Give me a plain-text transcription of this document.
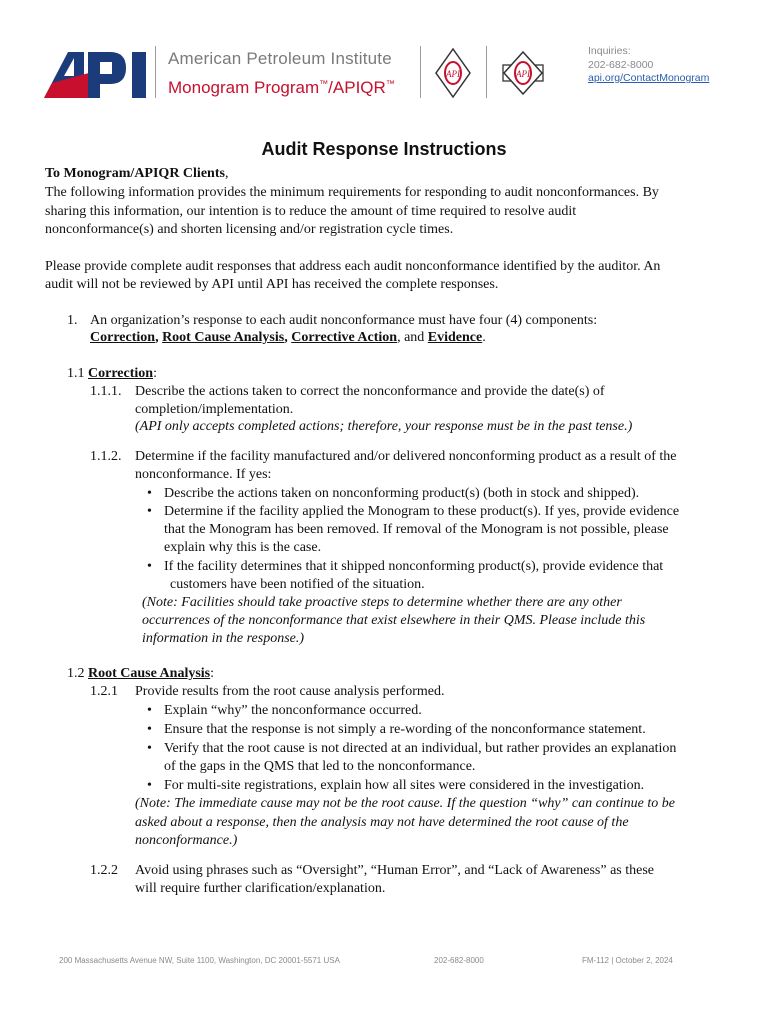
American Petroleum Institute
Monogram Program™/APIQR™
API	API
Inquiries:
202-682-8000
api.org/ContactMonogram
Audit Response Instructions
To Monogram/APIQR Clients,
The following information provides the minimum requirements for responding to audit nonconformances. By
sharing this information, our intention is to reduce the amount of time required to resolve audit
nonconformance(s) and shorten licensing and/or registration cycle times.
Please provide complete audit responses that address each audit nonconformance identified by the auditor. An
audit will not be reviewed by API until API has received the complete responses.
1. An organization’s response to each audit nonconformance must have four (4) components:
Correction, Root Cause Analysis, Corrective Action, and Evidence.
1.1 Correction:
1.1.1. Describe the actions taken to correct the nonconformance and provide the date(s) of
completion/implementation.
(API only accepts completed actions; therefore, your response must be in the past tense.)
1.1.2. Determine if the facility manufactured and/or delivered nonconforming product as a result of the
nonconformance. If yes:
• Describe the actions taken on nonconforming product(s) (both in stock and shipped).
• Determine if the facility applied the Monogram to these product(s). If yes, provide evidence
that the Monogram has been removed. If removal of the Monogram is not possible, please
explain why this is the case.
• If the facility determines that it shipped nonconforming product(s), provide evidence that
customers have been notified of the situation.
(Note: Facilities should take proactive steps to determine whether there are any other
occurrences of the nonconformance that exist elsewhere in their QMS. Please include this
information in the response.)
1.2 Root Cause Analysis:
1.2.1 Provide results from the root cause analysis performed.
• Explain “why” the nonconformance occurred.
• Ensure that the response is not simply a re-wording of the nonconformance statement.
• Verify that the root cause is not directed at an individual, but rather provides an explanation
of the gaps in the QMS that led to the nonconformance.
• For multi-site registrations, explain how all sites were considered in the investigation.
(Note: The immediate cause may not be the root cause. If the question “why” can continue to be
asked about a response, then the analysis may not have determined the root cause of the
nonconformance.)
1.2.2 Avoid using phrases such as “Oversight”, “Human Error”, and “Lack of Awareness” as these
will require further clarification/explanation.
200 Massachusetts Avenue NW, Suite 1100, Washington, DC 20001-5571 USA	202-682-8000	FM-112 | October 2, 2024
